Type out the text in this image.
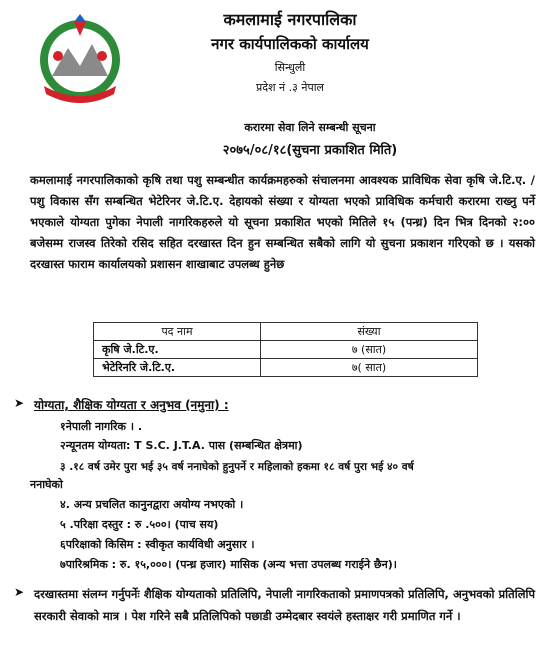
कमलामाई नगरपालिका
नगर कार्यपालिकको कार्यालय
सिन्धुली
प्रदेश नं .३ नेपाल
करारमा सेवा लिने सम्बन्धी सूचना
२०७५/०८/१८(सुचना प्रकाशित मिति)
कमलामाई नगरपालिकाको कृषि तथा पशु सम्बन्धीत कार्यक्रमहरुको संचालनमा आवश्यक प्राविधिक सेवा कृषि जे.टि.ए. / पशु विकास सँग सम्बन्धित भेटेरिनर जे.टि.ए. देहायको संख्या र योग्यता भएको प्राविधिक कर्मचारी करारमा राख्नु पर्ने भएकाले योग्यता पुगेका नेपाली नागरिकहरुले यो सूचना प्रकाशित भएको मितिले १५ (पन्ध्र) दिन भित्र दिनको २:०० बजेसम्म राजस्व तिरेको रसिद सहित दरखास्त दिन हुन सम्बन्धित सबैको लागि यो सुचना प्रकाशन गरिएको छ । यसको दरखास्त फाराम कार्यालयको प्रशासन शाखाबाट उपलब्ध हुनेछ
पद नाम	संख्या
कृषि जे.टि.ए.	७ (सात)
भेटेरिनरि जे.टि.ए.	७( सात)
➤ योग्यता, शैक्षिक योग्यता र अनुभव (नमुना) :
१नेपाली नागरिक । .
२न्यूनतम योग्यता: T S.C. J.T.A. पास (सम्बन्धित क्षेत्रमा)
३ .१८ वर्ष उमेर पुरा भई ३५ वर्ष ननाघेको हुनुपर्ने र महिलाको हकमा १८ वर्ष पुरा भई ४० वर्ष
ननाघेको
४. अन्य प्रचलित कानुनद्वारा अयोग्य नभएको ।
५ .परिक्षा दस्तुर : रु .५००। (पाच सय)
६परिक्षाको किसिम : स्वीकृत कार्यविधी अनुसार ।
७पारिश्रमिक : रु. १५,०००। (पन्ध्र हजार) मासिक (अन्य भत्ता उपलब्ध गराईने छैन)।
➤ दरखास्तमा संलग्न गर्नुपर्नेः शैक्षिक योग्यताको प्रतिलिपि, नेपाली नागरिकताको प्रमाणपत्रको प्रतिलिपि, अनुभवको प्रतिलिपि सरकारी सेवाको मात्र । पेश गरिने सबै प्रतिलिपिको पछाडी उम्मेदबार स्वयंले हस्ताक्षर गरी प्रमाणित गर्ने ।
